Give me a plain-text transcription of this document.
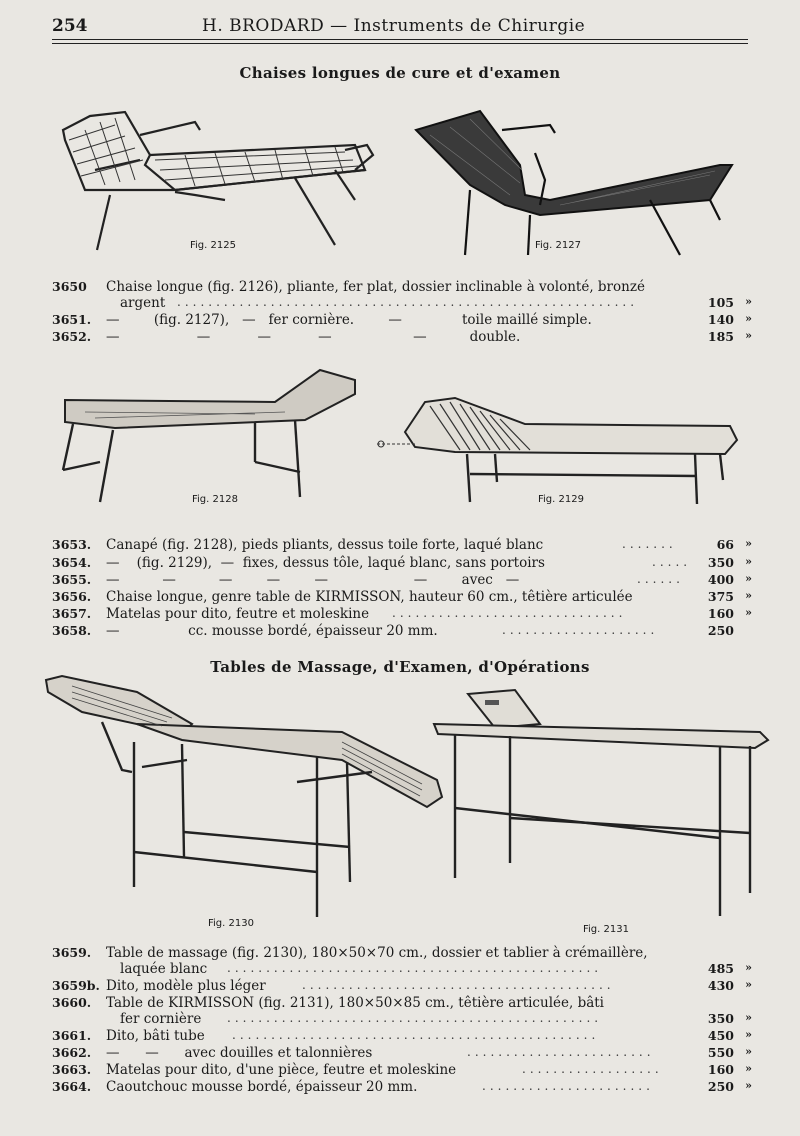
254	H. BRODARD — Instruments de Chirurgie
Chaises longues de cure et d'examen
Fig. 2125	Fig. 2127
3650	Chaise longue (fig. 2126), pliante, fer plat, dossier inclinable à volonté, bronzé
argent ...........................................................	105 »
3651.	—        (fig. 2127),   —   fer cornière.        —              toile maillé simple.	140 »
3652.	—                  —           —           —                   —          double.	185 »
Fig. 2128	Fig. 2129
3653.	Canapé (fig. 2128), pieds pliants, dessus toile forte, laqué blanc	.......	66 »
3654.	—    (fig. 2129),  —  fixes, dessus tôle, laqué blanc, sans portoirs	.....	350 »
3655.	—          —          —        —        —                    —        avec   —	......	400 »
3656.	Chaise longue, genre table de KIRMISSON, hauteur 60 cm., têtière articulée	375 »
3657.	Matelas pour dito, feutre et moleskine ..............................	160 »
3658.	—                cc. mousse bordé, épaisseur 20 mm.	....................	250
Tables de Massage, d'Examen, d'Opérations
Fig. 2130
Fig. 2131
3659.	Table de massage (fig. 2130), 180×50×70 cm., dossier et tablier à crémaillère,
laquée blanc ................................................	485 »
3659b. Dito, modèle plus léger	........................................	430 »
3660.	Table de KIRMISSON (fig. 2131), 180×50×85 cm., têtière articulée, bâti
fer cornière ................................................	350 »
3661.	Dito, bâti tube ...............................................	450 »
3662.	—      —      avec douilles et talonnières	........................	550 »
3663.	Matelas pour dito, d'une pièce, feutre et moleskine	..................	160 »
3664.	Caoutchouc mousse bordé, épaisseur 20 mm.	......................	250 »
